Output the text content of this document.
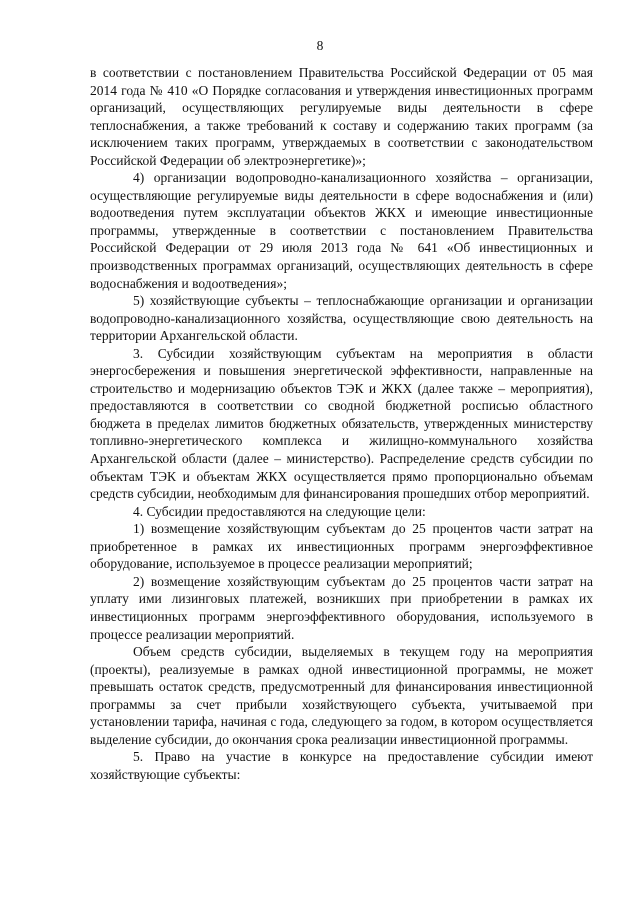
8

в соответствии с постановлением Правительства Российской Федерации от 05 мая 2014 года № 410 «О Порядке согласования и утверждения инвестиционных программ организаций, осуществляющих регулируемые виды деятельности в сфере теплоснабжения, а также требований к составу и содержанию таких программ (за исключением таких программ, утверждаемых в соответствии с законодательством Российской Федерации об электроэнергетике)»;

4) организации водопроводно-канализационного хозяйства – организации, осуществляющие регулируемые виды деятельности в сфере водоснабжения и (или) водоотведения путем эксплуатации объектов ЖКХ и имеющие инвестиционные программы, утвержденные в соответствии с постановлением Правительства Российской Федерации от 29 июля 2013 года № 641 «Об инвестиционных и производственных программах организаций, осуществляющих деятельность в сфере водоснабжения и водоотведения»;

5) хозяйствующие субъекты – теплоснабжающие организации и организации водопроводно-канализационного хозяйства, осуществляющие свою деятельность на территории Архангельской области.

3. Субсидии хозяйствующим субъектам на мероприятия в области энергосбережения и повышения энергетической эффективности, направленные на строительство и модернизацию объектов ТЭК и ЖКХ (далее также – мероприятия), предоставляются в соответствии со сводной бюджетной росписью областного бюджета в пределах лимитов бюджетных обязательств, утвержденных министерству топливно-энергетического комплекса и жилищно-коммунального хозяйства Архангельской области (далее – министерство). Распределение средств субсидии по объектам ТЭК и объектам ЖКХ осуществляется прямо пропорционально объемам средств субсидии, необходимым для финансирования прошедших отбор мероприятий.

4. Субсидии предоставляются на следующие цели:

1) возмещение хозяйствующим субъектам до 25 процентов части затрат на приобретенное в рамках их инвестиционных программ энергоэффективное оборудование, используемое в процессе реализации мероприятий;

2) возмещение хозяйствующим субъектам до 25 процентов части затрат на уплату ими лизинговых платежей, возникших при приобретении в рамках их инвестиционных программ энергоэффективного оборудования, используемого в процессе реализации мероприятий.

Объем средств субсидии, выделяемых в текущем году на мероприятия (проекты), реализуемые в рамках одной инвестиционной программы, не может превышать остаток средств, предусмотренный для финансирования инвестиционной программы за счет прибыли хозяйствующего субъекта, учитываемой при установлении тарифа, начиная с года, следующего за годом, в котором осуществляется выделение субсидии, до окончания срока реализации инвестиционной программы.

5. Право на участие в конкурсе на предоставление субсидии имеют хозяйствующие субъекты:
